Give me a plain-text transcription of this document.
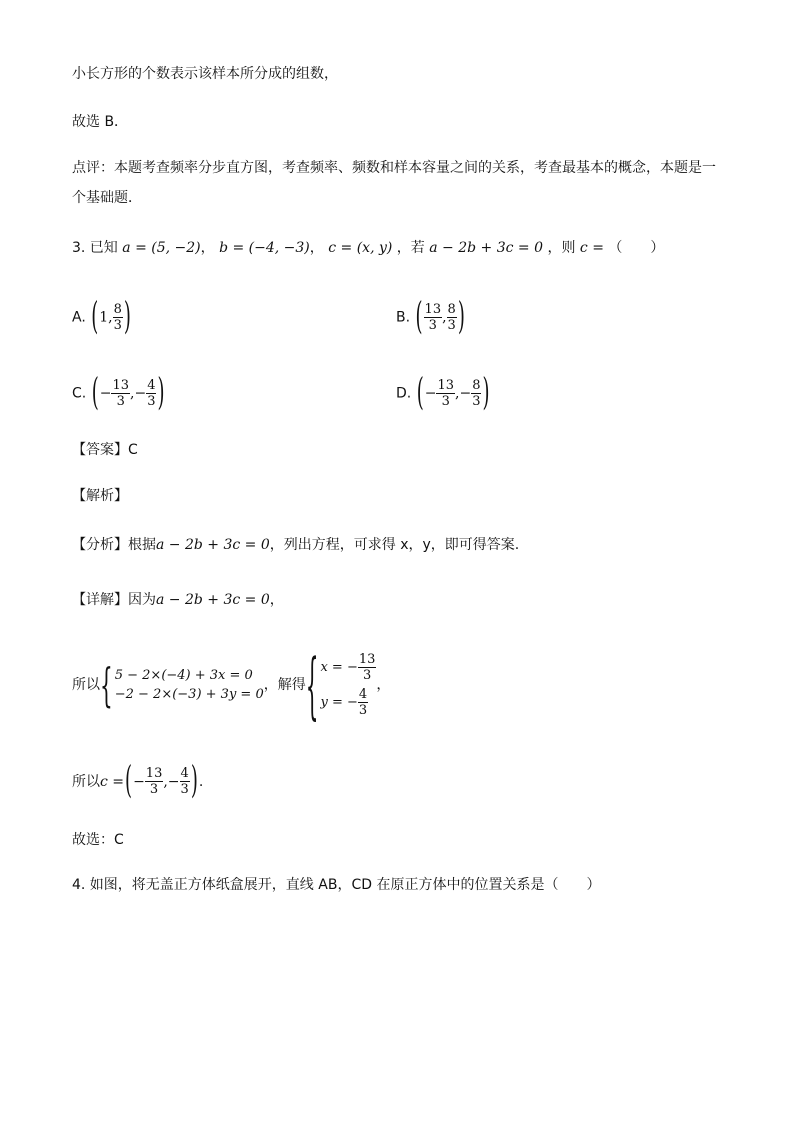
小长方形的个数表示该样本所分成的组数，
故选 B．
点评：本题考查频率分步直方图，考查频率、频数和样本容量之间的关系，考查最基本的概念，本题是一
个基础题．
3. 已知 a = (5, −2)， b = (−4, −3)， c = (x, y) ，若 a − 2b + 3c = 0 ，则 c = （　　）
A. (1, $\frac{8}{3}$ )	B. ( $\frac{13}{3}$ , $\frac{8}{3}$ )
C. (− $\frac{13}{3}$ ,− $\frac{4}{3}$ )	D. (− $\frac{13}{3}$ ,− $\frac{8}{3}$ )
【答案】C
【解析】
【分析】根据a − 2b + 3c = 0，列出方程，可求得 x，y，即可得答案.
【详解】因为a − 2b + 3c = 0，
所以 { 5 − 2×(−4) + 3x = 0
−2 − 2×(−3) + 3y = 0
，解得 { x = − $\frac{13}{3}$
y = − $\frac{4}{3}$
，
所以 c = ( − $\frac{13}{3}$ ,− $\frac{4}{3}$ ) .
故选：C
4. 如图，将无盖正方体纸盒展开，直线 AB，CD 在原正方体中的位置关系是（　　）
